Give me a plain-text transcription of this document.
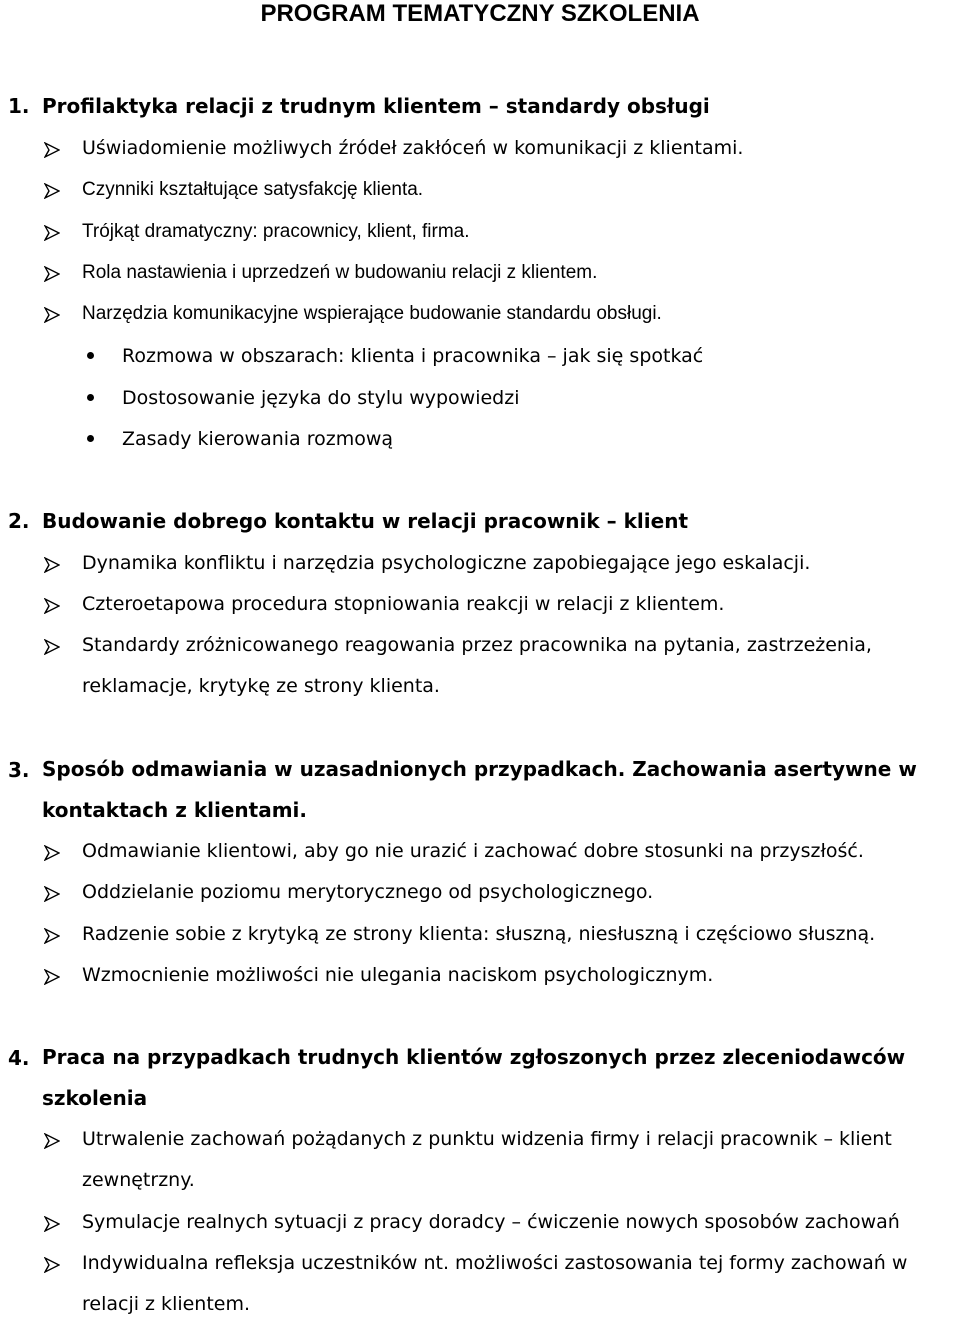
PROGRAM TEMATYCZNY SZKOLENIA
1. Profilaktyka relacji z trudnym klientem – standardy obsługi
Uświadomienie możliwych źródeł zakłóceń w komunikacji z klientami.
Czynniki kształtujące satysfakcję klienta.
Trójkąt dramatyczny: pracownicy, klient, firma.
Rola nastawienia i uprzedzeń w budowaniu relacji z klientem.
Narzędzia komunikacyjne wspierające budowanie standardu obsługi.
Rozmowa w obszarach: klienta i pracownika – jak się spotkać
Dostosowanie języka do stylu wypowiedzi
Zasady kierowania rozmową
2. Budowanie dobrego kontaktu w relacji pracownik – klient
Dynamika konfliktu i narzędzia psychologiczne zapobiegające jego eskalacji.
Czteroetapowa procedura stopniowania reakcji w relacji z klientem.
Standardy zróżnicowanego reagowania przez pracownika na pytania, zastrzeżenia, reklamacje, krytykę ze strony klienta.
3. Sposób odmawiania w uzasadnionych przypadkach. Zachowania asertywne w kontaktach z klientami.
Odmawianie klientowi, aby go nie urazić i zachować dobre stosunki na przyszłość.
Oddzielanie poziomu merytorycznego od psychologicznego.
Radzenie sobie z krytyką ze strony klienta: słuszną, niesłuszną i częściowo słuszną.
Wzmocnienie możliwości nie ulegania naciskom psychologicznym.
4. Praca na przypadkach trudnych klientów zgłoszonych przez zleceniodawców szkolenia
Utrwalenie zachowań pożądanych z punktu widzenia firmy i relacji pracownik – klient zewnętrzny.
Symulacje realnych sytuacji z pracy doradcy – ćwiczenie nowych sposobów zachowań
Indywidualna refleksja uczestników nt. możliwości zastosowania tej formy zachowań w relacji z klientem.
